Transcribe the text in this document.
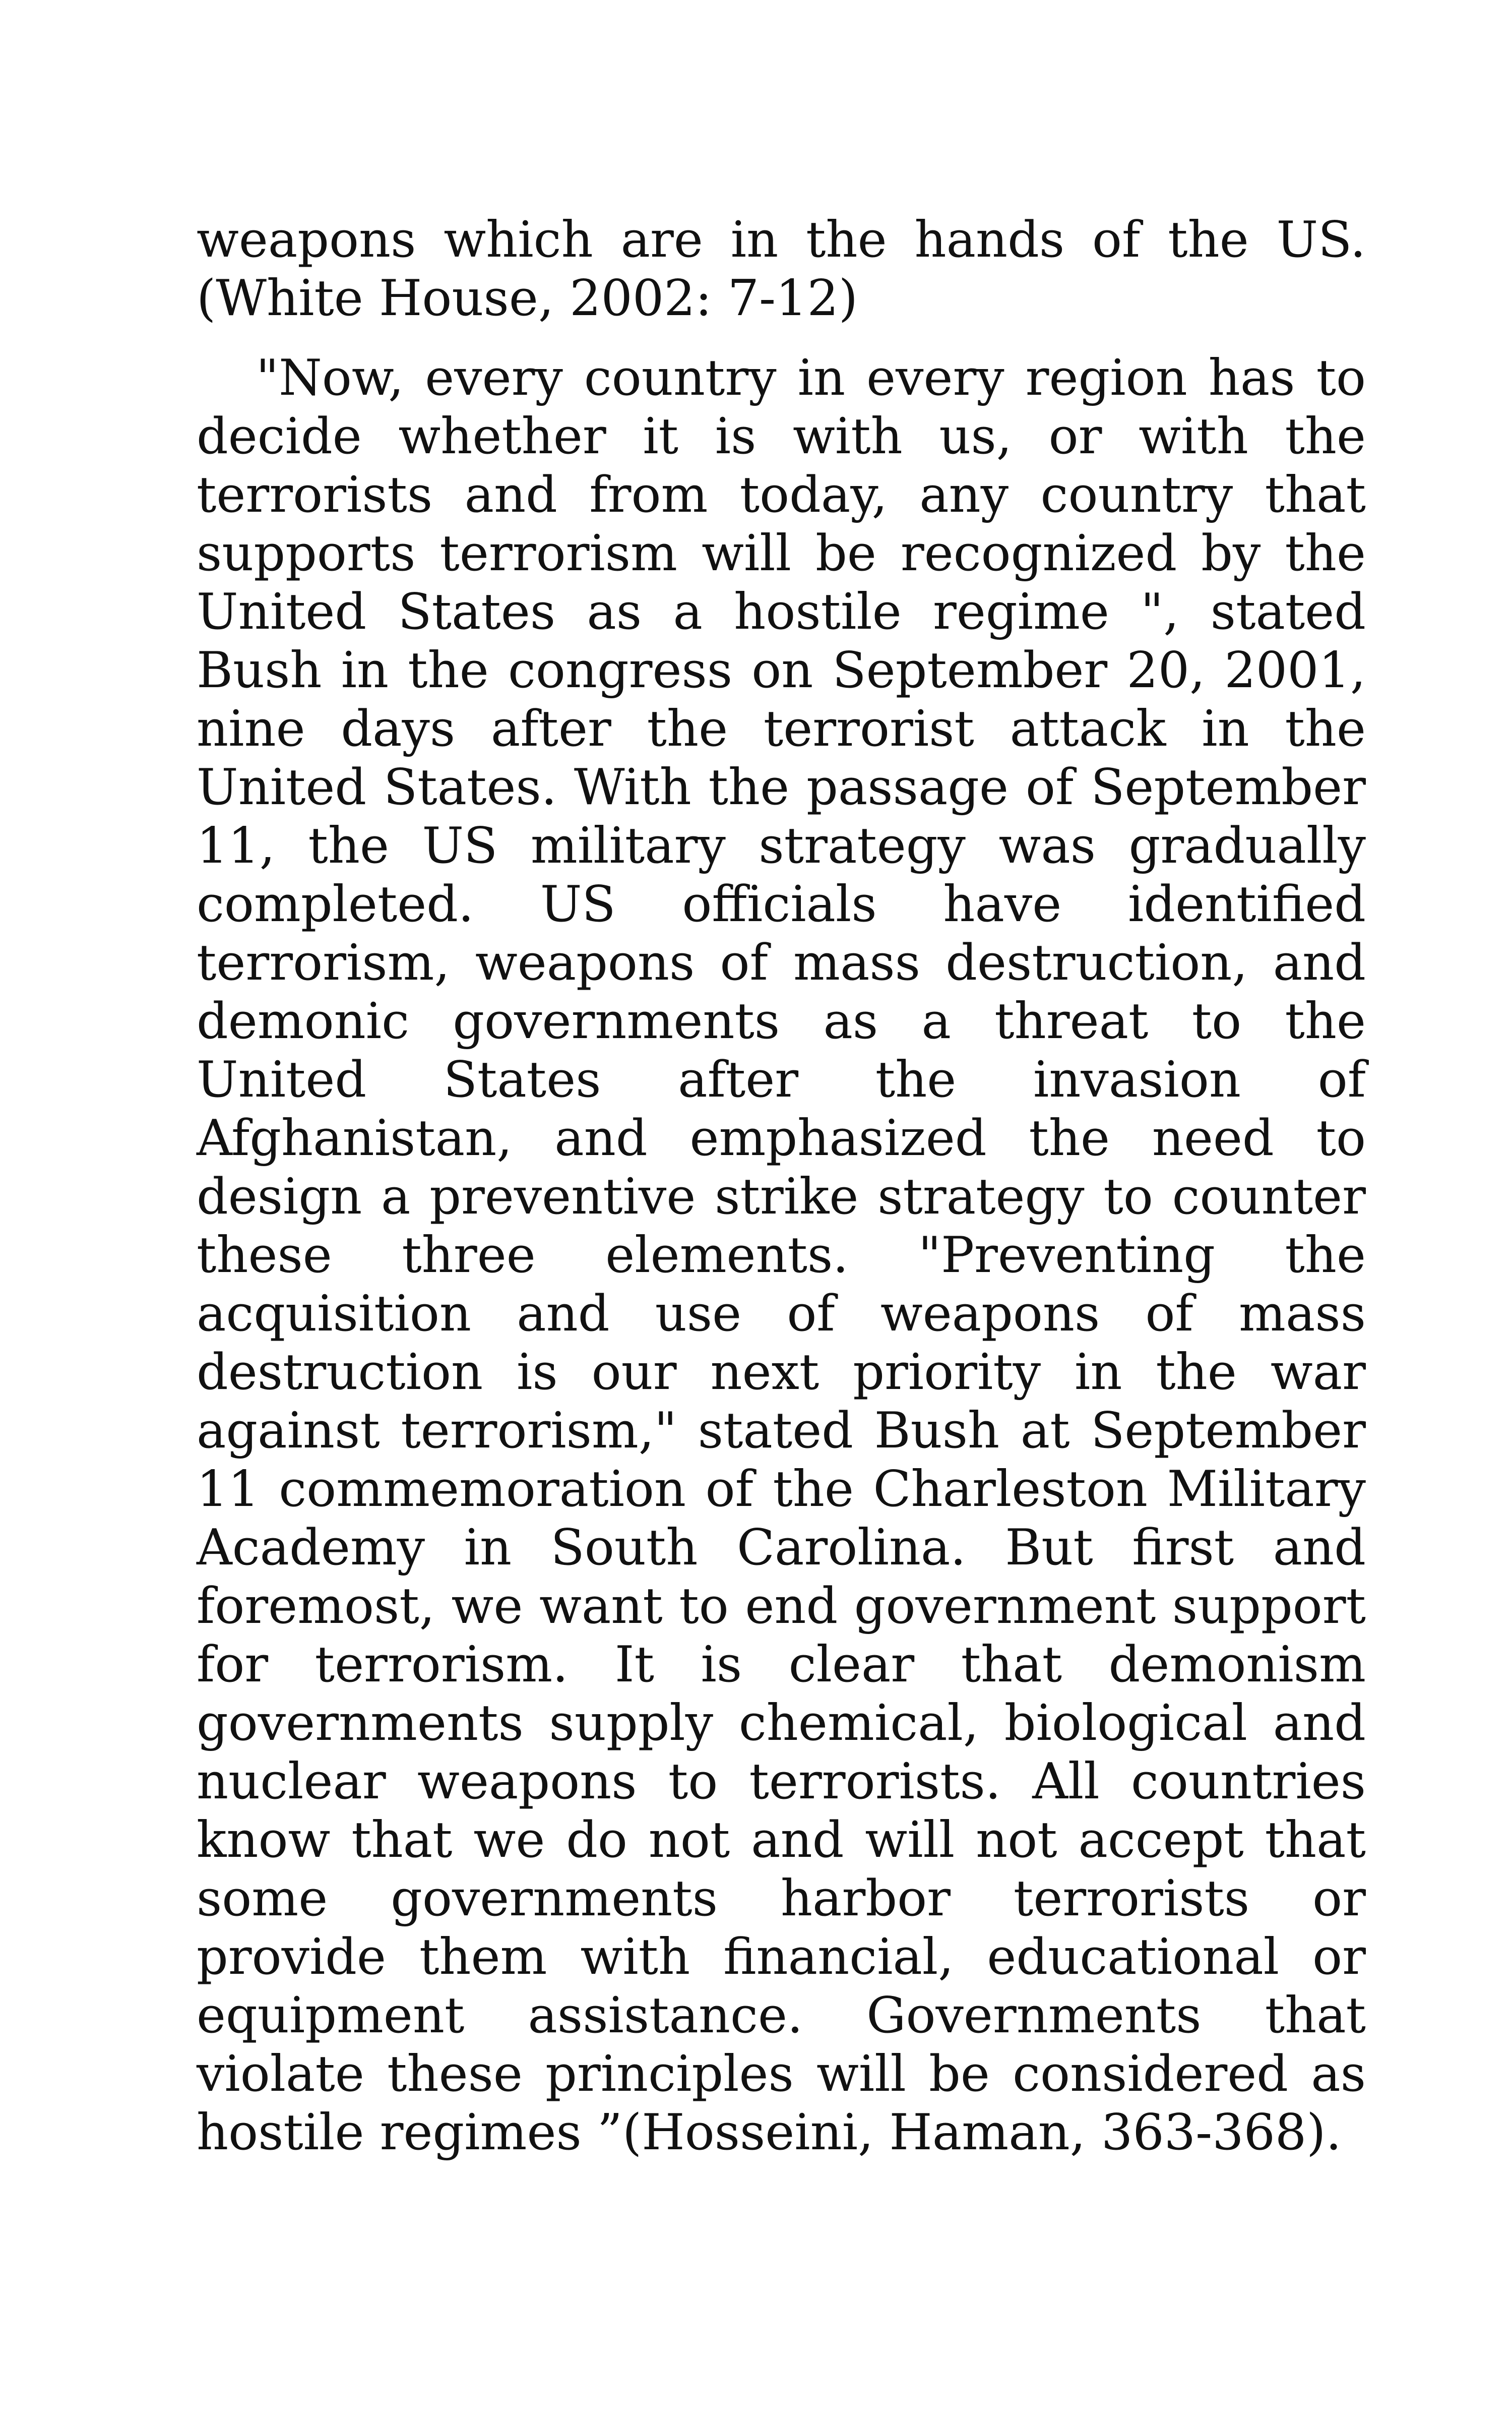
weapons which are in the hands of the US. (White House, 2002: 7-12)

"Now, every country in every region has to decide whether it is with us, or with the terrorists and from today, any country that supports terrorism will be recognized by the United States as a hostile regime ", stated Bush in the congress on September 20, 2001, nine days after the terrorist attack in the United States. With the passage of September 11, the US military strategy was gradually completed. US officials have identified terrorism, weapons of mass destruction, and demonic governments as a threat to the United States after the invasion of Afghanistan, and emphasized the need to design a preventive strike strategy to counter these three elements. "Preventing the acquisition and use of weapons of mass destruction is our next priority in the war against terrorism," stated Bush at September 11 commemoration of the Charleston Military Academy in South Carolina. But first and foremost, we want to end government support for terrorism. It is clear that demonism governments supply chemical, biological and nuclear weapons to terrorists. All countries know that we do not and will not accept that some governments harbor terrorists or provide them with financial, educational or equipment assistance. Governments that violate these principles will be considered as hostile regimes ”(Hosseini, Haman, 363-368).
